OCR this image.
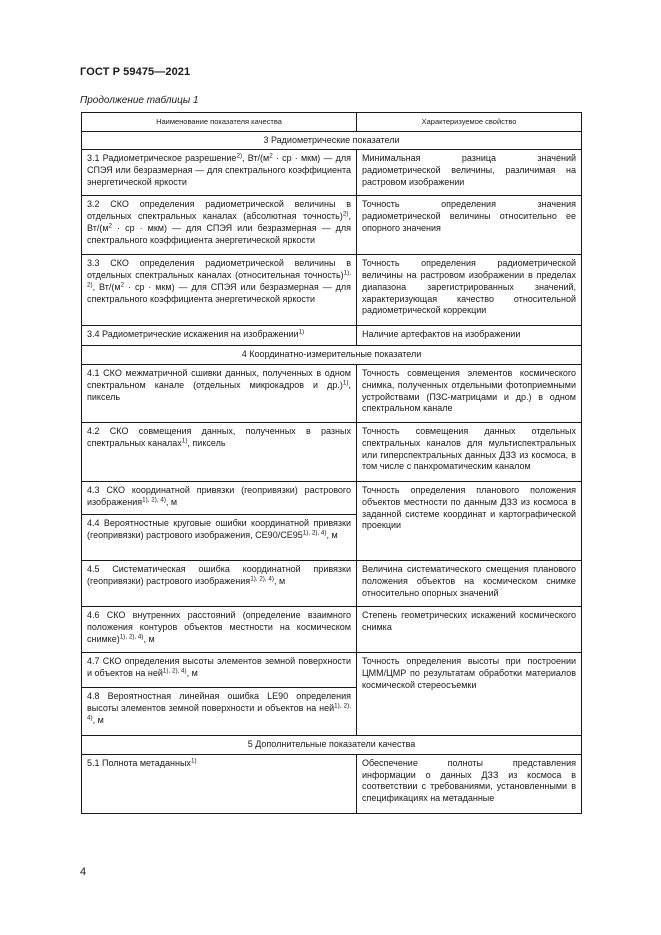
ГОСТ Р 59475—2021
Продолжение таблицы 1
Наименование показателя качества	Характеризуемое свойство
3 Радиометрические показатели	
3.1 Радиометрическое разрешение$^{2)}$, $Вт/(м^2$ · ср · мкм) — для СПЭЯ или безразмерная — для спектрального коэффициента энергетической яркости	Минимальная разница значений радиометрической величины, различимая на растровом изображении
3.2 СКО определения радиометрической величины в отдельных спектральных каналах (абсолютная точность)$^{2)}$, $Вт/(м^2$ · ср · мкм) — для СПЭЯ или безразмерная — для спектрального коэффициента энергетической яркости	Точность определения значения радиометрической величины относительно ее опорного значения
3.3 СКО определения радиометрической величины в отдельных спектральных каналах (относительная точность)$^{1), 2)}$, $Вт/(м^2$ · ср · мкм) — для СПЭЯ или безразмерная — для спектрального коэффициента энергетической яркости	Точность определения радиометрической величины на растровом изображении в пределах диапазона зарегистрированных значений, характеризующая качество относительной радиометрической коррекции
3.4 Радиометрические искажения на изображении$^{1)}$	Наличие артефактов на изображении
4 Координатно-измерительные показатели	
4.1 СКО межматричной сшивки данных, полученных в одном спектральном канале (отдельных микрокадров и др.)$^{1)}$, пиксель	Точность совмещения элементов космического снимка, полученных отдельными фотоприемными устройствами (ПЗС-матрицами и др.) в одном спектральном канале
4.2 СКО совмещения данных, полученных в разных спектральных каналах$^{1)}$, пиксель	Точность совмещения данных отдельных спектральных каналов для мультиспектральных или гиперспектральных данных ДЗЗ из космоса, в том числе с панхроматическим каналом
4.3 СКО координатной привязки (геопривязки) растрового изображения$^{1), 2), 4)}$, м	Точность определения планового положения объектов местности по данным ДЗЗ из космоса в заданной системе координат и картографической проекции
4.4 Вероятностные круговые ошибки координатной привязки (геопривязки) растрового изображения, $CE90/CE95^{1), 2), 4)}$, м	
4.5 Систематическая ошибка координатной привязки (геопривязки) растрового изображения$^{1), 2), 4)}$, м	Величина систематического смещения планового положения объектов на космическом снимке относительно опорных значений
4.6 СКО внутренних расстояний (определение взаимного положения контуров объектов местности на космическом снимке)$^{1), 2), 4)}$, м	Степень геометрических искажений космического снимка
4.7 СКО определения высоты элементов земной поверхности и объектов на ней$^{1), 2), 4)}$, м	Точность определения высоты при построении ЦММ/ЦМР по результатам обработки материалов космической стереосъемки
4.8 Вероятностная линейная ошибка LE90 определения высоты элементов земной поверхности и объектов на ней$^{1), 2), 4)}$, м	
5 Дополнительные показатели качества	
5.1 Полнота метаданных$^{1)}$	Обеспечение полноты представления информации о данных ДЗЗ из космоса в соответствии с требованиями, установленными в спецификациях на метаданные
4
